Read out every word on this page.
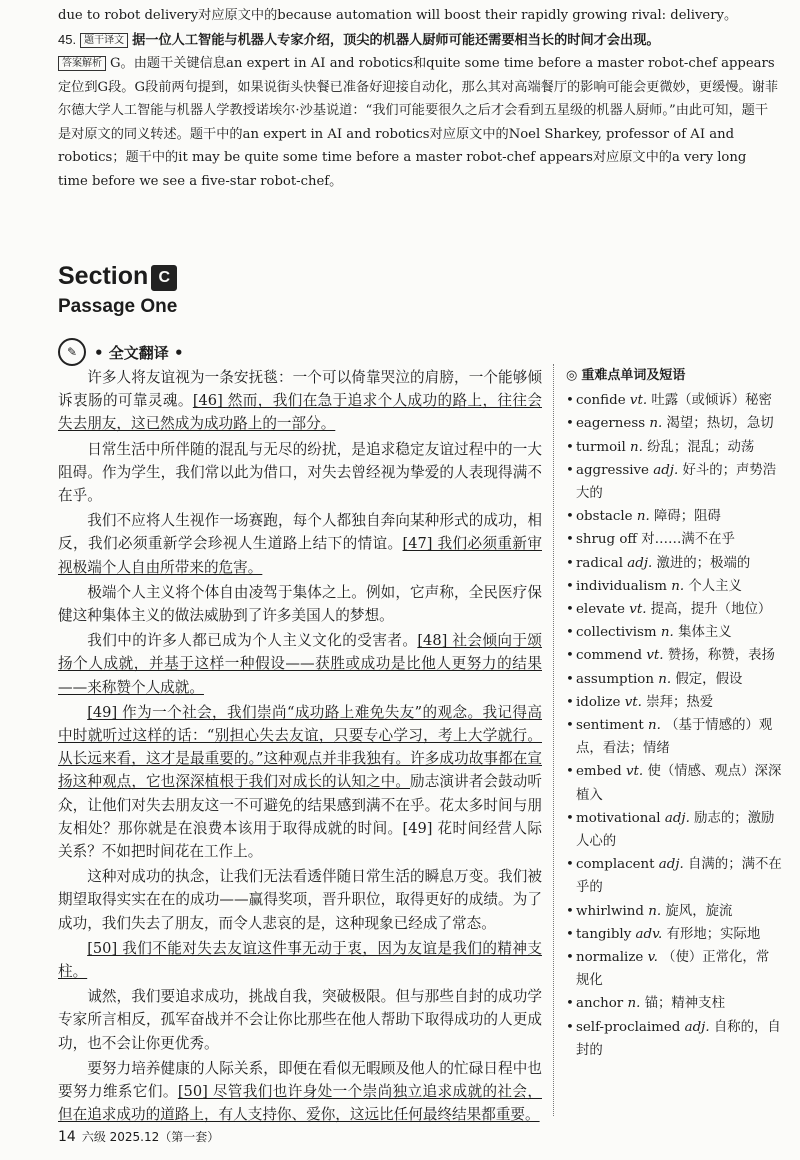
due to robot delivery对应原文中的because automation will boost their rapidly growing rival: delivery。

45. 题干译文 据一位人工智能与机器人专家介绍，顶尖的机器人厨师可能还需要相当长的时间才会出现。

答案解析 G。由题干关键信息an expert in AI and robotics和quite some time before a master robot-chef appears定位到G段。G段前两句提到，如果说街头快餐已准备好迎接自动化，那么其对高端餐厅的影响可能会更微妙，更缓慢。谢菲尔德大学人工智能与机器人学教授诺埃尔·沙基说道：“我们可能要很久之后才会看到五星级的机器人厨师。”由此可知，题干是对原文的同义转述。题干中的an expert in AI and robotics对应原文中的Noel Sharkey, professor of AI and robotics；题干中的it may be quite some time before a master robot-chef appears对应原文中的a very long time before we see a five-star robot-chef。

Section C
Passage One
✎	• 全文翻译 •

许多人将友谊视为一条安抚毯：一个可以倚靠哭泣的肩膀，一个能够倾诉衷肠的可靠灵魂。[46] 然而，我们在急于追求个人成功的路上，往往会失去朋友，这已然成为成功路上的一部分。

日常生活中所伴随的混乱与无尽的纷扰，是追求稳定友谊过程中的一大阻碍。作为学生，我们常以此为借口，对失去曾经视为挚爱的人表现得满不在乎。

我们不应将人生视作一场赛跑，每个人都独自奔向某种形式的成功，相反，我们必须重新学会珍视人生道路上结下的情谊。[47] 我们必须重新审视极端个人自由所带来的危害。

极端个人主义将个体自由凌驾于集体之上。例如，它声称，全民医疗保健这种集体主义的做法威胁到了许多美国人的梦想。

我们中的许多人都已成为个人主义文化的受害者。[48] 社会倾向于颂扬个人成就，并基于这样一种假设——获胜或成功是比他人更努力的结果——来称赞个人成就。

[49] 作为一个社会，我们崇尚“成功路上难免失友”的观念。我记得高中时就听过这样的话：“别担心失去友谊，只要专心学习，考上大学就行。从长远来看，这才是最重要的。”这种观点并非我独有。许多成功故事都在宣扬这种观点，它也深深植根于我们对成长的认知之中。励志演讲者会鼓动听众，让他们对失去朋友这一不可避免的结果感到满不在乎。花太多时间与朋友相处？那你就是在浪费本该用于取得成就的时间。[49] 花时间经营人际关系？不如把时间花在工作上。

这种对成功的执念，让我们无法看透伴随日常生活的瞬息万变。我们被期望取得实实在在的成功——赢得奖项，晋升职位，取得更好的成绩。为了成功，我们失去了朋友，而令人悲哀的是，这种现象已经成了常态。

[50] 我们不能对失去友谊这件事无动于衷，因为友谊是我们的精神支柱。

诚然，我们要追求成功，挑战自我，突破极限。但与那些自封的成功学专家所言相反，孤军奋战并不会让你比那些在他人帮助下取得成功的人更成功，也不会让你更优秀。

要努力培养健康的人际关系，即便在看似无暇顾及他人的忙碌日程中也要努力维系它们。[50] 尽管我们也许身处一个崇尚独立追求成就的社会，但在追求成功的道路上，有人支持你、爱你，这远比任何最终结果都重要。

◎ 重难点单词及短语
• confide vt. 吐露（或倾诉）秘密
• eagerness n. 渴望；热切，急切
• turmoil n. 纷乱；混乱；动荡
• aggressive adj. 好斗的；声势浩大的
• obstacle n. 障碍；阻碍
• shrug off 对……满不在乎
• radical adj. 激进的；极端的
• individualism n. 个人主义
• elevate vt. 提高，提升（地位）
• collectivism n. 集体主义
• commend vt. 赞扬，称赞，表扬
• assumption n. 假定，假设
• idolize vt. 崇拜；热爱
• sentiment n. （基于情感的）观点，看法；情绪
• embed vt. 使（情感、观点）深深植入
• motivational adj. 励志的；激励人心的
• complacent adj. 自满的；满不在乎的
• whirlwind n. 旋风，旋流
• tangibly adv. 有形地；实际地
• normalize v. （使）正常化，常规化
• anchor n. 锚；精神支柱
• self-proclaimed adj. 自称的，自封的
14 六级 2025.12（第一套）
